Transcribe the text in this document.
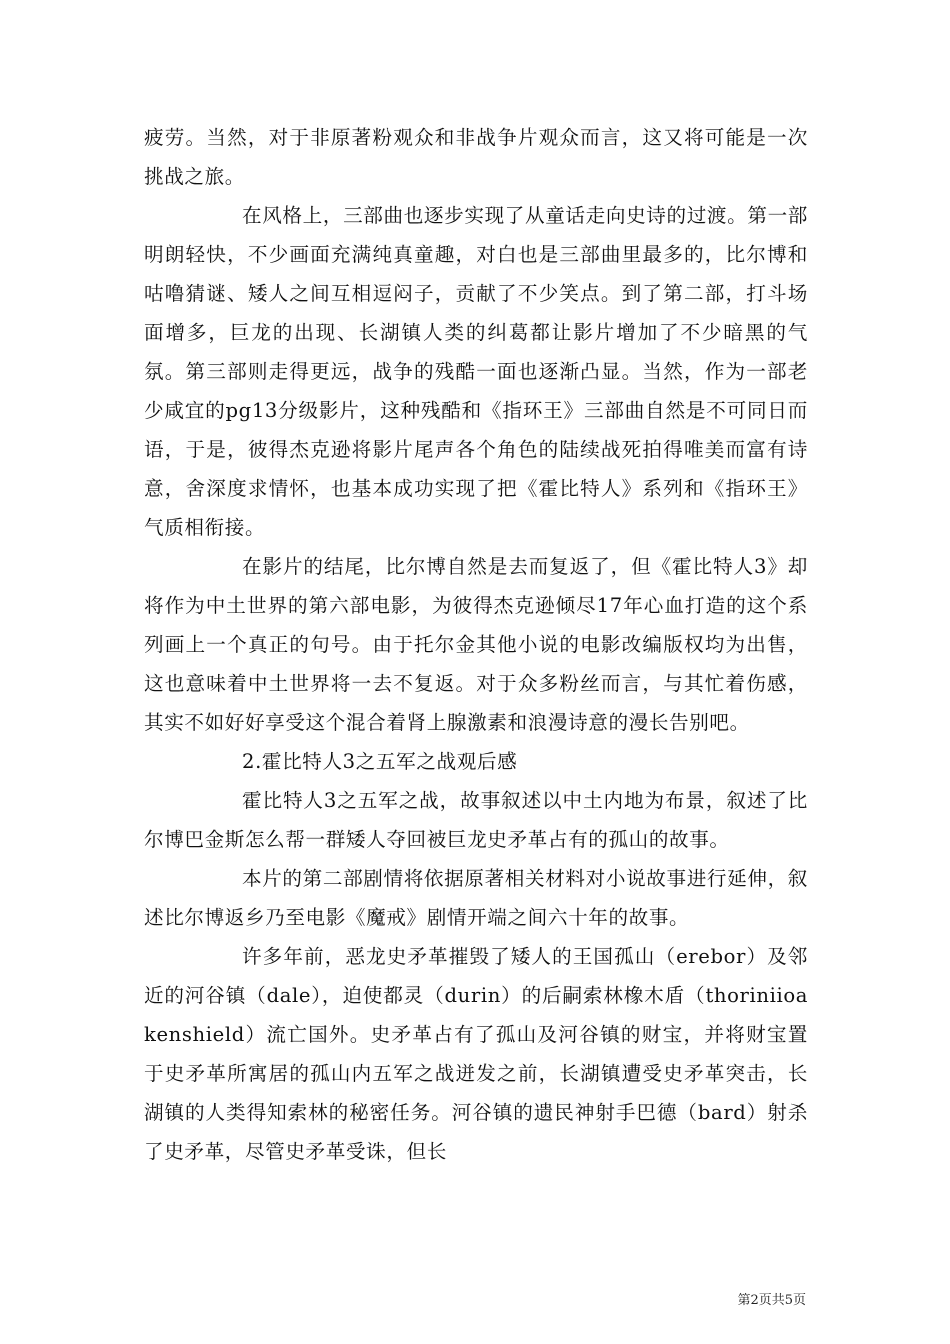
疲劳。当然，对于非原著粉观众和非战争片观众而言，这又将可能是一次挑战之旅。

在风格上，三部曲也逐步实现了从童话走向史诗的过渡。第一部明朗轻快，不少画面充满纯真童趣，对白也是三部曲里最多的，比尔博和咕噜猜谜、矮人之间互相逗闷子，贡献了不少笑点。到了第二部，打斗场面增多，巨龙的出现、长湖镇人类的纠葛都让影片增加了不少暗黑的气氛。第三部则走得更远，战争的残酷一面也逐渐凸显。当然，作为一部老少咸宜的pg13分级影片，这种残酷和《指环王》三部曲自然是不可同日而语，于是，彼得杰克逊将影片尾声各个角色的陆续战死拍得唯美而富有诗意，舍深度求情怀，也基本成功实现了把《霍比特人》系列和《指环王》气质相衔接。

在影片的结尾，比尔博自然是去而复返了，但《霍比特人3》却将作为中土世界的第六部电影，为彼得杰克逊倾尽17年心血打造的这个系列画上一个真正的句号。由于托尔金其他小说的电影改编版权均为出售，这也意味着中土世界将一去不复返。对于众多粉丝而言，与其忙着伤感，其实不如好好享受这个混合着肾上腺激素和浪漫诗意的漫长告别吧。

2.霍比特人3之五军之战观后感

霍比特人3之五军之战，故事叙述以中土内地为布景，叙述了比尔博巴金斯怎么帮一群矮人夺回被巨龙史矛革占有的孤山的故事。

本片的第二部剧情将依据原著相关材料对小说故事进行延伸，叙述比尔博返乡乃至电影《魔戒》剧情开端之间六十年的故事。

许多年前，恶龙史矛革摧毁了矮人的王国孤山（erebor）及邻近的河谷镇（dale），迫使都灵（durin）的后嗣索林橡木盾（thoriniioakenshield）流亡国外。史矛革占有了孤山及河谷镇的财宝，并将财宝置于史矛革所寓居的孤山内五军之战迸发之前，长湖镇遭受史矛革突击，长湖镇的人类得知索林的秘密任务。河谷镇的遗民神射手巴德（bard）射杀了史矛革，尽管史矛革受诛，但长

第2页共5页
